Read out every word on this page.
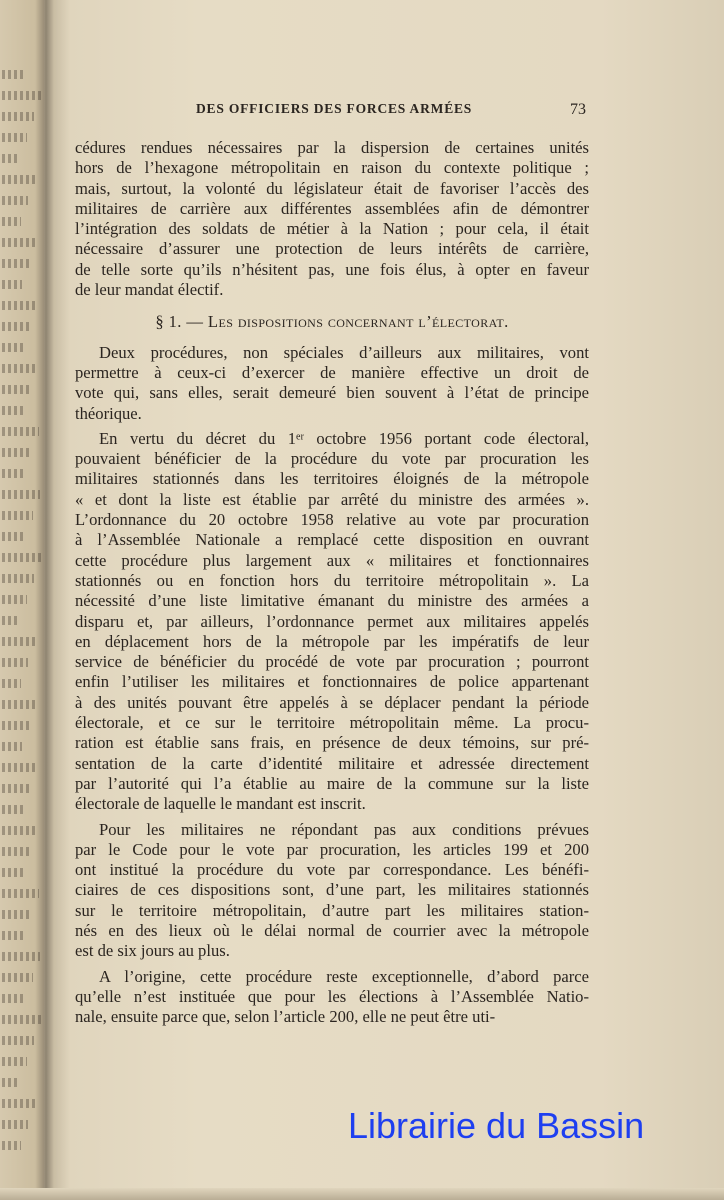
DES OFFICIERS DES FORCES ARMÉES	73
cédures rendues nécessaires par la dispersion de certaines unités
hors de l’hexagone métropolitain en raison du contexte politique ;
mais, surtout, la volonté du législateur était de favoriser l’accès des
militaires de carrière aux différentes assemblées afin de démontrer
l’intégration des soldats de métier à la Nation ; pour cela, il était
nécessaire d’assurer une protection de leurs intérêts de carrière,
de telle sorte qu’ils n’hésitent pas, une fois élus, à opter en faveur
de leur mandat électif.
§ 1. — Les dispositions concernant l’électorat.
Deux procédures, non spéciales d’ailleurs aux militaires, vont
permettre à ceux-ci d’exercer de manière effective un droit de
vote qui, sans elles, serait demeuré bien souvent à l’état de principe
théorique.
En vertu du décret du 1ᵉʳ octobre 1956 portant code électoral,
pouvaient bénéficier de la procédure du vote par procuration les
militaires stationnés dans les territoires éloignés de la métropole
« et dont la liste est établie par arrêté du ministre des armées ».
L’ordonnance du 20 octobre 1958 relative au vote par procuration
à l’Assemblée Nationale a remplacé cette disposition en ouvrant
cette procédure plus largement aux « militaires et fonctionnaires
stationnés ou en fonction hors du territoire métropolitain ». La
nécessité d’une liste limitative émanant du ministre des armées a
disparu et, par ailleurs, l’ordonnance permet aux militaires appelés
en déplacement hors de la métropole par les impératifs de leur
service de bénéficier du procédé de vote par procuration ; pourront
enfin l’utiliser les militaires et fonctionnaires de police appartenant
à des unités pouvant être appelés à se déplacer pendant la période
électorale, et ce sur le territoire métropolitain même. La procu-
ration est établie sans frais, en présence de deux témoins, sur pré-
sentation de la carte d’identité militaire et adressée directement
par l’autorité qui l’a établie au maire de la commune sur la liste
électorale de laquelle le mandant est inscrit.
Pour les militaires ne répondant pas aux conditions prévues
par le Code pour le vote par procuration, les articles 199 et 200
ont institué la procédure du vote par correspondance. Les bénéfi-
ciaires de ces dispositions sont, d’une part, les militaires stationnés
sur le territoire métropolitain, d’autre part les militaires station-
nés en des lieux où le délai normal de courrier avec la métropole
est de six jours au plus.
A l’origine, cette procédure reste exceptionnelle, d’abord parce
qu’elle n’est instituée que pour les élections à l’Assemblée Natio-
nale, ensuite parce que, selon l’article 200, elle ne peut être uti-
Librairie du Bassin
